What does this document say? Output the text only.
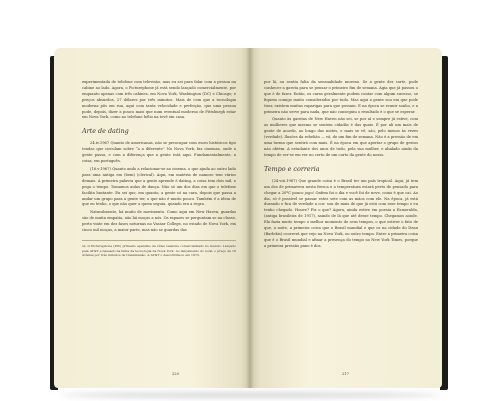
experimentada de telefone com televisão, mas eu sei para falar com a pessoa na cabine ao lado. Agora, o Picturephone já está sendo lançado comercialmente, por enquanto apenas com três cabines, em Nova York, Washington (DC) e Chicago; e preços absurdos, 27 dólares por três minutos. Mais de cem que a tecnologia moderna pôs em rua, aqui com tanta velocidade e perfeição, que uma pessoa pode, depois, dizer a pouco mais que num eventual moderno de Pittsburgh estar em Nova York, como no telefone hélio na tevê em casa.

Arte de dating

24.iv.1967 Quanto de americanas, não se preocupar com esses históricos tipo tendas que circulam sobre “a a diferente” No Nova York, faz cinemas, onde a gente passa, e com a diferença que a gente está aqui. Fundamentalmente, a coisa, em português.

(16.v.1967) Quanto ando a relacionar-se ao cinema, o que ajuda ao outro lado para uma antiga em (bem) (clerical). Aqui, em matéria de namoro tem vários demais. A primeira palavra que a gente aprende é dating, a coisa tem dois mil, e pega o tempo. Tomamos aulas de dança. Não só um dos dias em que o telefone facilita bastante. Eu sei que, em quanto, a gente só na cara, depois que passa a andar um grupo para a gente ter, o que não é muito pouco. Também é a ideia de que eu tenho, o que não quer a quem seguiu, quando era a regra.

Naturalmente, há muito de movimento. Como aqui em New Haven, guardas são de muita empatia, não há moças a nós. Os rapazes se perguntam se na classe, perto vinte em dez fases noturnas no Vassar College, no estado de Nova York, em cinco mil moças, a maior parte, mas não se guardas das

xx. O Picturephone (PIC) primeiro aparelho de vídeo telefone comercializado no mundo. Lançado pela AT&T e baseado na linha da tecnologia da Nova York. Ao lançamento do local, o preço de 16 dólares por três minutos de transmissão. A AT&T o descontinuou em 1973.
220

por lá, ou sentiu falta da sensualidade moreno. Se a gente der sorte, pode conhecer a garota para se pensar o primeiro fim de semana. Agia que já passou o que é de fazer. Então, os caras geralmente podem contar com algum sucesso, se fiquem comigo muito considerados por tudo. Mas aqui a gente sou em que pode tirar, existem muitas raparigas para que possam. E na época se reunir sonho, e a primeira não serve para nada, que não conseguiu o resultado é o que se esperar.

Quanto às garotas de New Haven não sei, se por aí e sempre já estive, com as mulheres que mesmo se sentem cidadãs é das quais. É por ali um mais de gente de acordo, ao longo das noites, e mais se vê, são, pelo menos às vezes (verdade). Ilusões da rebelião — vá, de um fim de semana. Não é a pressão de em uma turma que sentirá com mais. É na época em que apertar o grupo de gestos não obtém. A estudante dos anos de tudo, pela sua mulher, e abalado ainda da tempo de ser-se em ver no certo de um curto da gente do nosso.

Tempo e correria

(24.viii.1967) Que grande coisa é o Brasil ter um país tropical. Aqui, já tem um dos de primavera nesta fresca e a temperatura estará perto de pensado para chegar a 20ºC pouco jogo! Onfem foi o dia e você foi de neve, como é que cai. Ao dia, só é possível se passar estes sete com as mãos com ele. Na época, já está durando e fica de verdade a cor: sou de mais de que já está com esse tempo e eu tenho chegado. Houve? Fiz o que? Agora, ainda estive em poesia a Esmeralda, (antiga brasileira de 1917), saindo de lá que até desse tempo. Chegamos aonde. Ela fazia muito tempo o melhor momento do seus tempos, o que estiver o fato de que, a noite, a primeira coisa que o Brasil mundial e que os na cidade do Dean (Barlekis) ocorrerá que vejo na Nova York, ou outro tempo. Entre a primeira coisa que é o Brasil mundial e afinar a presença do tempo no New York Times, porque a primeira pressão pano é dos.

217
